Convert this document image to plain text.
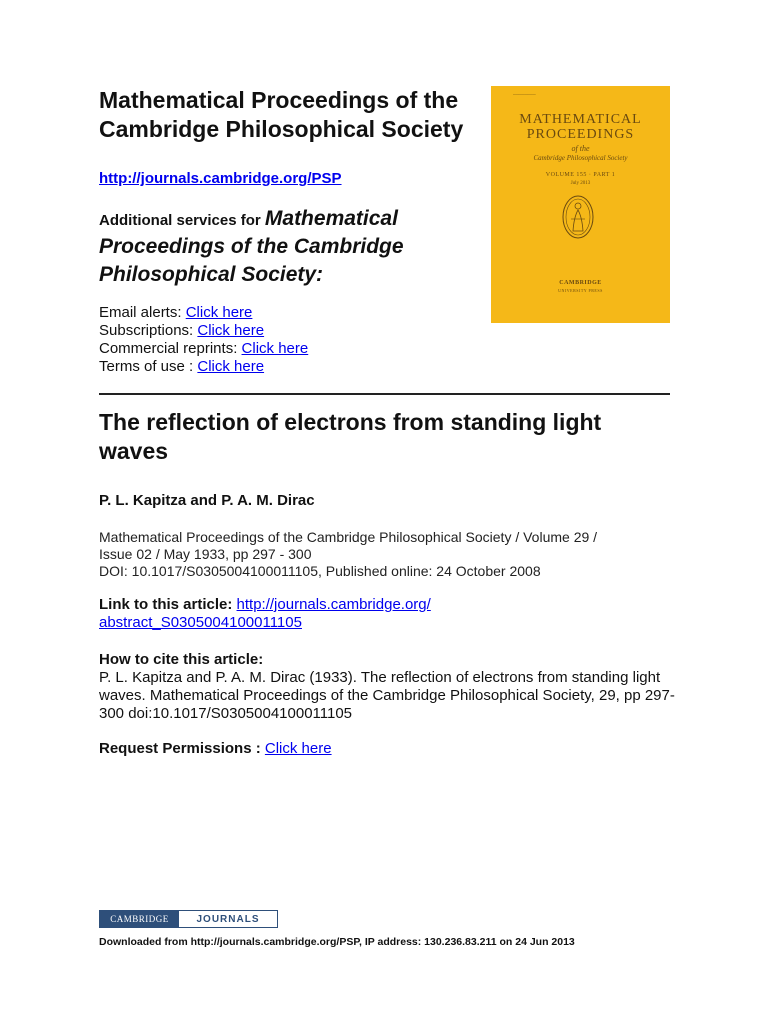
Mathematical Proceedings of the Cambridge Philosophical Society
http://journals.cambridge.org/PSP
Additional services for Mathematical Proceedings of the Cambridge Philosophical Society:
Email alerts: Click here
Subscriptions: Click here
Commercial reprints: Click here
Terms of use : Click here
────────
MATHEMATICAL
PROCEEDINGS
of the
Cambridge Philosophical Society
VOLUME 155 · PART 1
July 2013
CAMBRIDGE
UNIVERSITY PRESS
The reflection of electrons from standing light waves
P. L. Kapitza and P. A. M. Dirac
Mathematical Proceedings of the Cambridge Philosophical Society / Volume 29 /
Issue 02 / May 1933, pp 297 - 300
DOI: 10.1017/S0305004100011105, Published online: 24 October 2008
Link to this article: http://journals.cambridge.org/
abstract_S0305004100011105
How to cite this article:
P. L. Kapitza and P. A. M. Dirac (1933). The reflection of electrons from standing light waves. Mathematical Proceedings of the Cambridge Philosophical Society, 29, pp 297-300 doi:10.1017/S0305004100011105
Request Permissions : Click here
CAMBRIDGE	JOURNALS
Downloaded from http://journals.cambridge.org/PSP, IP address: 130.236.83.211 on 24 Jun 2013
